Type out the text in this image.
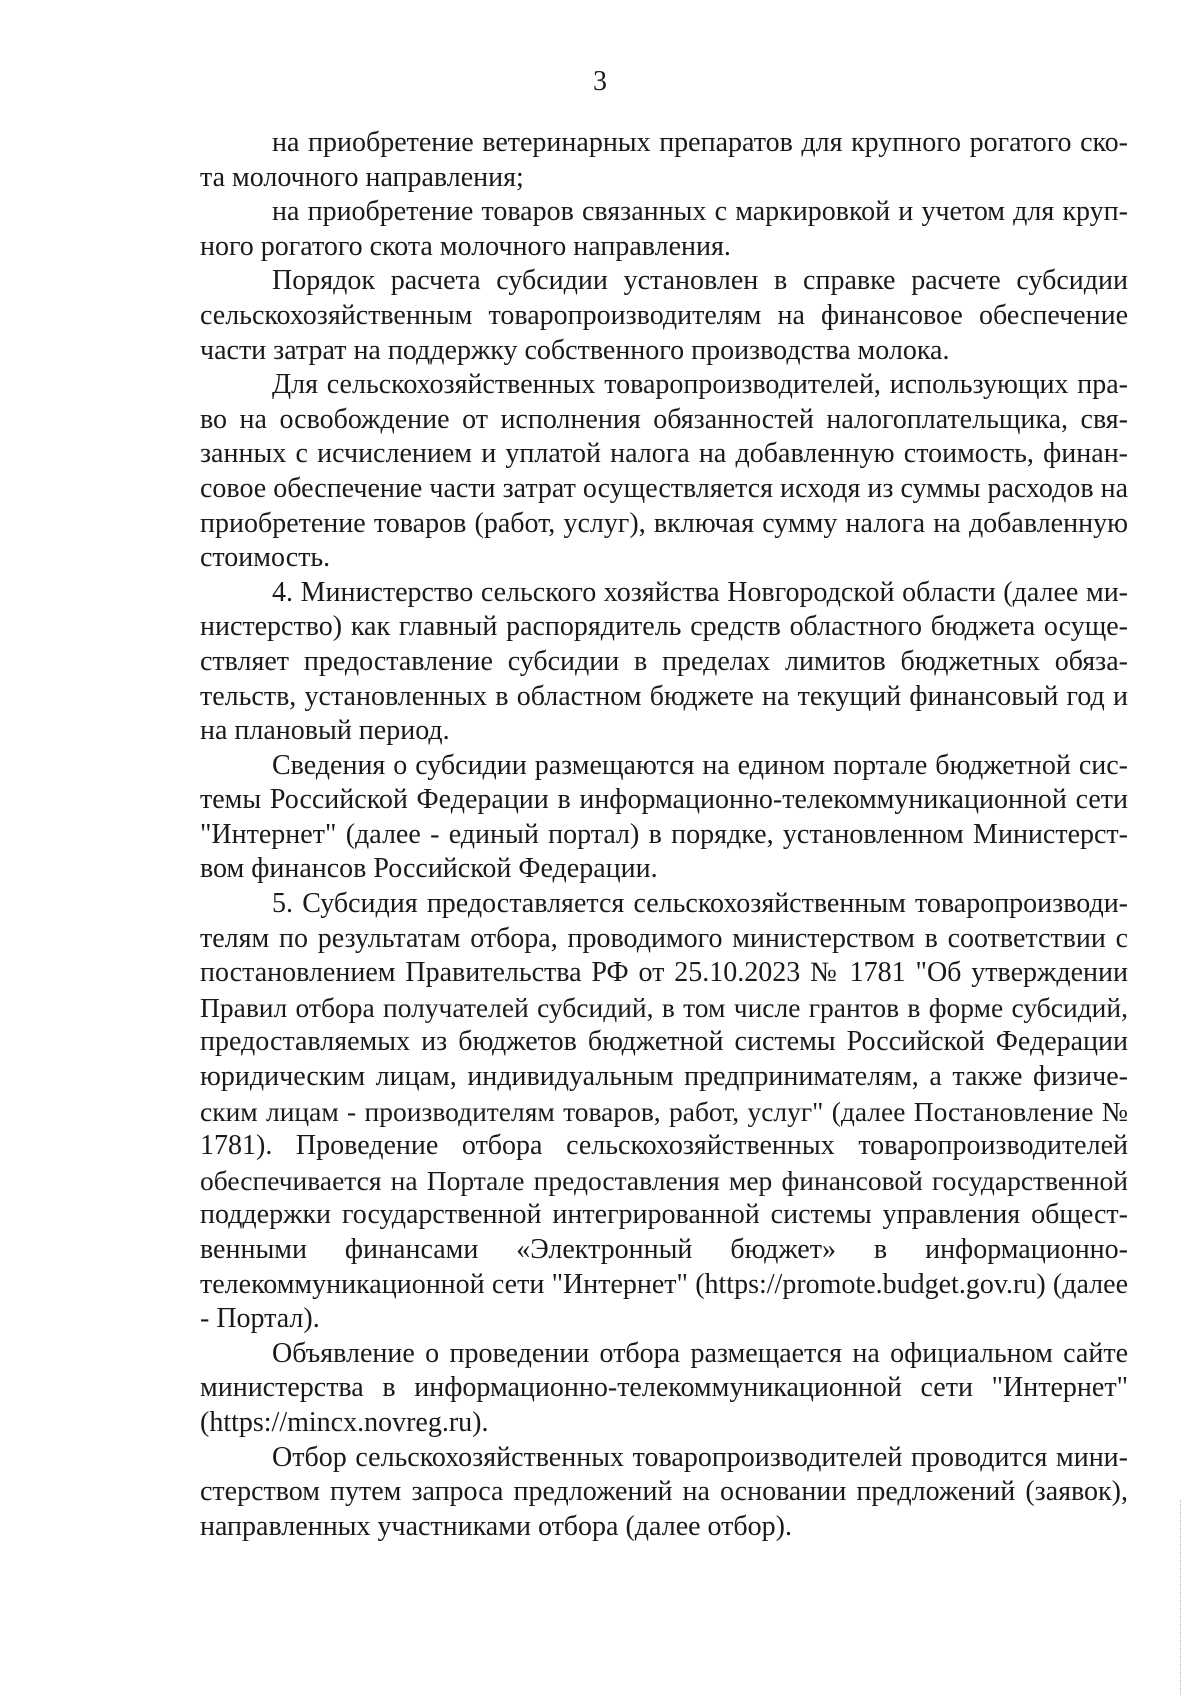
3
на приобретение ветеринарных препаратов для крупного рогатого ско-
та молочного направления;
на приобретение товаров связанных с маркировкой и учетом для круп-
ного рогатого скота молочного направления.
Порядок расчета субсидии установлен в справке расчете субсидии
сельскохозяйственным товаропроизводителям на финансовое обеспечение
части затрат на поддержку собственного производства молока.
Для сельскохозяйственных товаропроизводителей, использующих пра-
во на освобождение от исполнения обязанностей налогоплательщика, свя-
занных с исчислением и уплатой налога на добавленную стоимость, финан-
совое обеспечение части затрат осуществляется исходя из суммы расходов на
приобретение товаров (работ, услуг), включая сумму налога на добавленную
стоимость.
4. Министерство сельского хозяйства Новгородской области (далее ми-
нистерство) как главный распорядитель средств областного бюджета осуще-
ствляет предоставление субсидии в пределах лимитов бюджетных обяза-
тельств, установленных в областном бюджете на текущий финансовый год и
на плановый период.
Сведения о субсидии размещаются на едином портале бюджетной сис-
темы Российской Федерации в информационно-телекоммуникационной сети
"Интернет" (далее - единый портал) в порядке, установленном Министерст-
вом финансов Российской Федерации.
5. Субсидия предоставляется сельскохозяйственным товаропроизводи-
телям по результатам отбора, проводимого министерством в соответствии с
постановлением Правительства РФ от 25.10.2023 № 1781 "Об утверждении
Правил отбора получателей субсидий, в том числе грантов в форме субсидий,
предоставляемых из бюджетов бюджетной системы Российской Федерации
юридическим лицам, индивидуальным предпринимателям, а также физиче-
ским лицам - производителям товаров, работ, услуг" (далее Постановление №
1781). Проведение отбора сельскохозяйственных товаропроизводителей
обеспечивается на Портале предоставления мер финансовой государственной
поддержки государственной интегрированной системы управления общест-
венными финансами «Электронный бюджет» в информационно-
телекоммуникационной сети "Интернет" (https://promote.budget.gov.ru) (далее
- Портал).
Объявление о проведении отбора размещается на официальном сайте
министерства в информационно-телекоммуникационной сети "Интернет"
(https://mincx.novreg.ru).
Отбор сельскохозяйственных товаропроизводителей проводится мини-
стерством путем запроса предложений на основании предложений (заявок),
направленных участниками отбора (далее отбор).
